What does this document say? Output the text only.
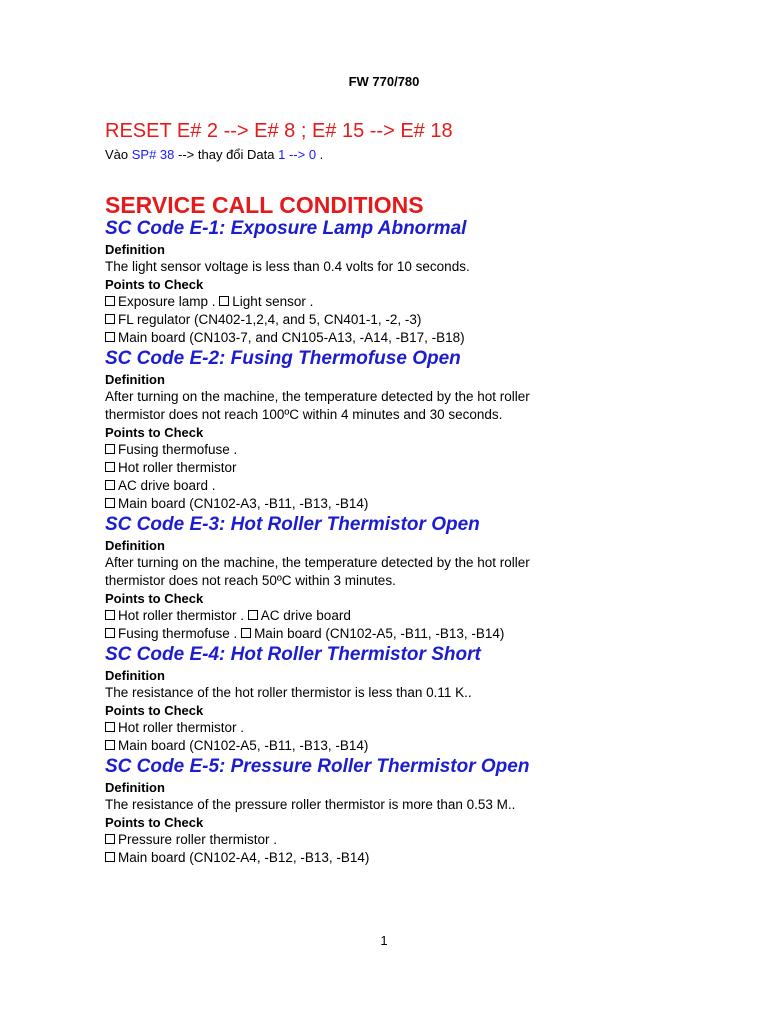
FW 770/780
RESET E# 2 --> E# 8 ; E# 15 --> E# 18

Vào SP# 38 --> thay đổi Data 1 --> 0 .

SERVICE CALL CONDITIONS
SC Code E-1: Exposure Lamp Abnormal

Definition

The light sensor voltage is less than 0.4 volts for 10 seconds.

Points to Check

Exposure lamp . Light sensor .

FL regulator (CN402-1,2,4, and 5, CN401-1, -2, -3)

Main board (CN103-7, and CN105-A13, -A14, -B17, -B18)

SC Code E-2: Fusing Thermofuse Open

Definition

After turning on the machine, the temperature detected by the hot roller

thermistor does not reach 100ºC within 4 minutes and 30 seconds.

Points to Check

Fusing thermofuse .

Hot roller thermistor

AC drive board .

Main board (CN102-A3, -B11, -B13, -B14)

SC Code E-3: Hot Roller Thermistor Open

Definition

After turning on the machine, the temperature detected by the hot roller

thermistor does not reach 50ºC within 3 minutes.

Points to Check

Hot roller thermistor . AC drive board

Fusing thermofuse . Main board (CN102-A5, -B11, -B13, -B14)

SC Code E-4: Hot Roller Thermistor Short

Definition

The resistance of the hot roller thermistor is less than 0.11 K..

Points to Check

Hot roller thermistor .

Main board (CN102-A5, -B11, -B13, -B14)

SC Code E-5: Pressure Roller Thermistor Open

Definition

The resistance of the pressure roller thermistor is more than 0.53 M..

Points to Check

Pressure roller thermistor .

Main board (CN102-A4, -B12, -B13, -B14)

1
